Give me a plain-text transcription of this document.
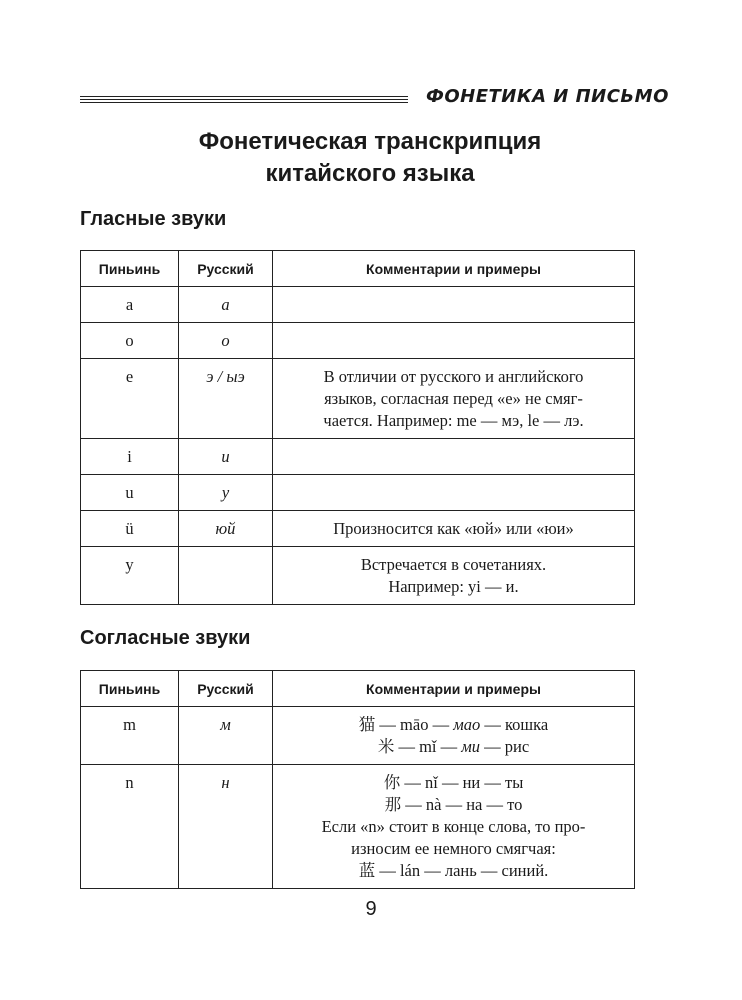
ФОНЕТИКА И ПИСЬМО
Фонетическая транскрипция
китайского языка
Гласные звуки
Пиньинь	Русский	Комментарии и примеры
a	а	
o	о	
e	э / ыэ	В отличии от русского и английского
языков, согласная перед «е» не смяг-
чается. Например: me — мэ, le — лэ.

i	и	
u	у	
ü	юй	Произносится как «юй» или «юи»

y		Встречается в сочетаниях.
Например: yi — и.
Согласные звуки
Пиньинь	Русский	Комментарии и примеры
m	м	猫 — māo — мао — кошка
米 — mǐ — ми — рис

n	н	你 — nǐ — ни — ты
那 — nà — на — то
Если «n» стоит в конце слова, то про-
износим ее немного смягчая:
蓝 — lán — лань — синий.
9
